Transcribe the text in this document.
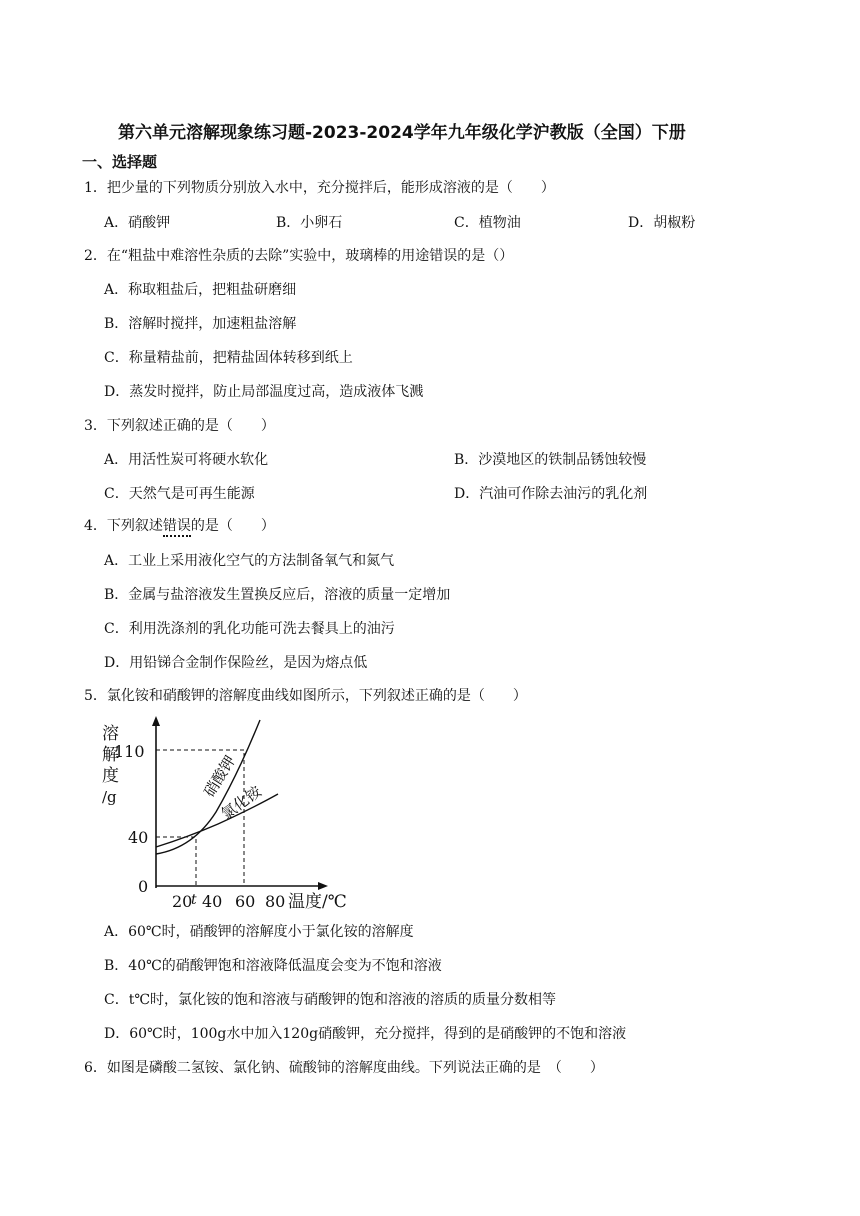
第六单元溶解现象练习题-2023-2024学年九年级化学沪教版（全国）下册
一、选择题
1．把少量的下列物质分别放入水中，充分搅拌后，能形成溶液的是（　　）
A．硝酸钾	B．小卵石	C．植物油	D．胡椒粉
2．在“粗盐中难溶性杂质的去除”实验中，玻璃棒的用途错误的是（）
A．称取粗盐后，把粗盐研磨细
B．溶解时搅拌，加速粗盐溶解
C．称量精盐前，把精盐固体转移到纸上
D．蒸发时搅拌，防止局部温度过高，造成液体飞溅
3．下列叙述正确的是（　　）
A．用活性炭可将硬水软化	B．沙漠地区的铁制品锈蚀较慢
C．天然气是可再生能源	D．汽油可作除去油污的乳化剂
4．下列叙述错误的是（　　）
A．工业上采用液化空气的方法制备氧气和氮气
B．金属与盐溶液发生置换反应后，溶液的质量一定增加
C．利用洗涤剂的乳化功能可洗去餐具上的油污
D．用铅锑合金制作保险丝，是因为熔点低
5．氯化铵和硝酸钾的溶解度曲线如图所示，下列叙述正确的是（　　）
溶
解
度
/g
110
40
0
20
t 40 60 80 温度/℃
硝酸钾
氯化铵
A．60℃时，硝酸钾的溶解度小于氯化铵的溶解度
B．40℃的硝酸钾饱和溶液降低温度会变为不饱和溶液
C．t℃时，氯化铵的饱和溶液与硝酸钾的饱和溶液的溶质的质量分数相等
D．60℃时，100g水中加入120g硝酸钾，充分搅拌，得到的是硝酸钾的不饱和溶液
6．如图是磷酸二氢铵、氯化钠、硫酸铈的溶解度曲线。下列说法正确的是　（　　）
